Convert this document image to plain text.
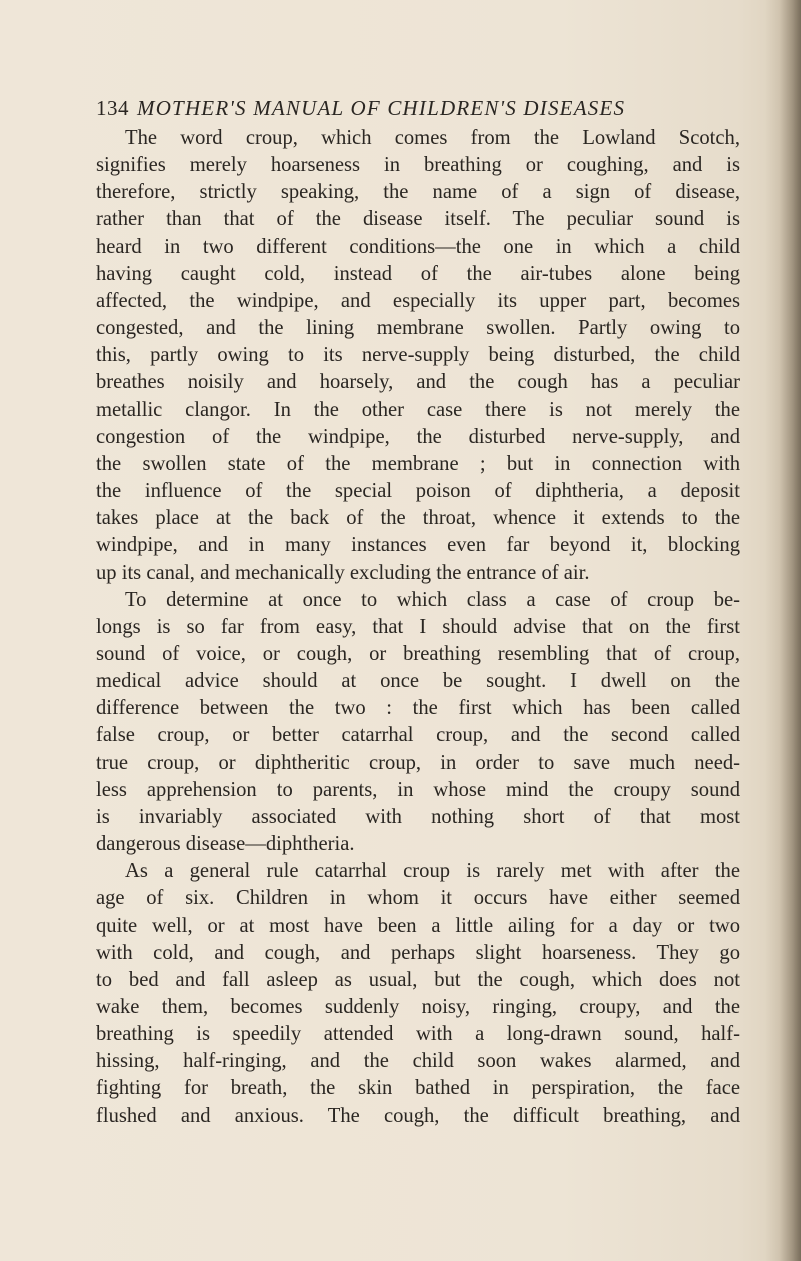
134 MOTHER'S MANUAL OF CHILDREN'S DISEASES

The word croup, which comes from the Lowland Scotch,

signifies merely hoarseness in breathing or coughing, and is

therefore, strictly speaking, the name of a sign of disease,

rather than that of the disease itself. The peculiar sound is

heard in two different conditions—the one in which a child

having caught cold, instead of the air-tubes alone being

affected, the windpipe, and especially its upper part, becomes

congested, and the lining membrane swollen. Partly owing to

this, partly owing to its nerve-supply being disturbed, the child

breathes noisily and hoarsely, and the cough has a peculiar

metallic clangor. In the other case there is not merely the

congestion of the windpipe, the disturbed nerve-supply, and

the swollen state of the membrane ; but in connection with

the influence of the special poison of diphtheria, a deposit

takes place at the back of the throat, whence it extends to the

windpipe, and in many instances even far beyond it, blocking

up its canal, and mechanically excluding the entrance of air.

To determine at once to which class a case of croup be-

longs is so far from easy, that I should advise that on the first

sound of voice, or cough, or breathing resembling that of croup,

medical advice should at once be sought. I dwell on the

difference between the two : the first which has been called

false croup, or better catarrhal croup, and the second called

true croup, or diphtheritic croup, in order to save much need-

less apprehension to parents, in whose mind the croupy sound

is invariably associated with nothing short of that most

dangerous disease—diphtheria.

As a general rule catarrhal croup is rarely met with after the

age of six. Children in whom it occurs have either seemed

quite well, or at most have been a little ailing for a day or two

with cold, and cough, and perhaps slight hoarseness. They go

to bed and fall asleep as usual, but the cough, which does not

wake them, becomes suddenly noisy, ringing, croupy, and the

breathing is speedily attended with a long-drawn sound, half-

hissing, half-ringing, and the child soon wakes alarmed, and

fighting for breath, the skin bathed in perspiration, the face

flushed and anxious. The cough, the difficult breathing, and
